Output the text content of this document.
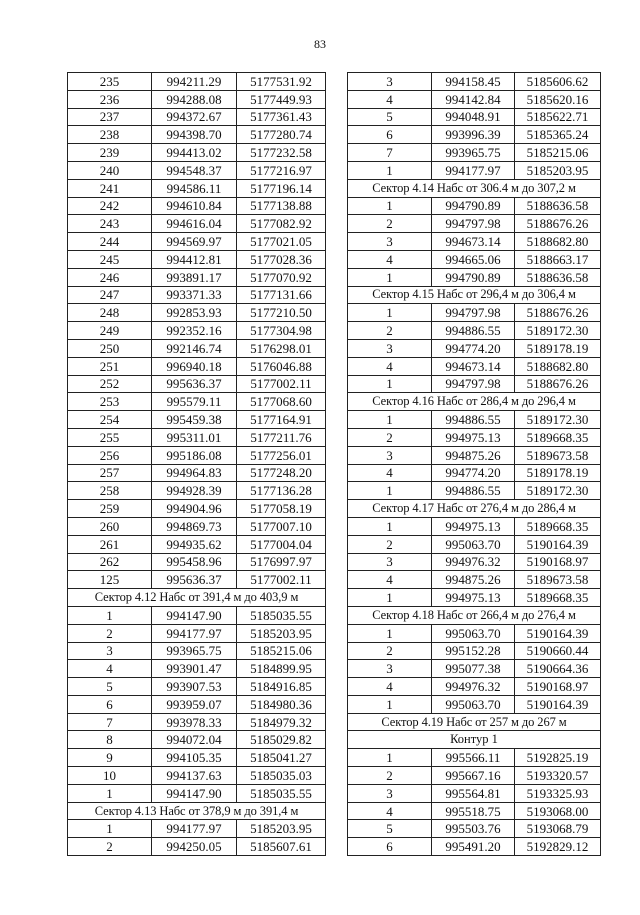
83
235	994211.29	5177531.92
236	994288.08	5177449.93
237	994372.67	5177361.43
238	994398.70	5177280.74
239	994413.02	5177232.58
240	994548.37	5177216.97
241	994586.11	5177196.14
242	994610.84	5177138.88
243	994616.04	5177082.92
244	994569.97	5177021.05
245	994412.81	5177028.36
246	993891.17	5177070.92
247	993371.33	5177131.66
248	992853.93	5177210.50
249	992352.16	5177304.98
250	992146.74	5176298.01
251	996940.18	5176046.88
252	995636.37	5177002.11
253	995579.11	5177068.60
254	995459.38	5177164.91
255	995311.01	5177211.76
256	995186.08	5177256.01
257	994964.83	5177248.20
258	994928.39	5177136.28
259	994904.96	5177058.19
260	994869.73	5177007.10
261	994935.62	5177004.04
262	995458.96	5176997.97
125	995636.37	5177002.11
Сектор 4.12 Набс от 391,4 м до 403,9 м		
1	994147.90	5185035.55
2	994177.97	5185203.95
3	993965.75	5185215.06
4	993901.47	5184899.95
5	993907.53	5184916.85
6	993959.07	5184980.36
7	993978.33	5184979.32
8	994072.04	5185029.82
9	994105.35	5185041.27
10	994137.63	5185035.03
1	994147.90	5185035.55
Сектор 4.13 Набс от 378,9 м до 391,4 м		
1	994177.97	5185203.95
2	994250.05	5185607.61
3	994158.45	5185606.62
4	994142.84	5185620.16
5	994048.91	5185622.71
6	993996.39	5185365.24
7	993965.75	5185215.06
1	994177.97	5185203.95
Сектор 4.14 Набс от 306.4 м до 307,2 м		
1	994790.89	5188636.58
2	994797.98	5188676.26
3	994673.14	5188682.80
4	994665.06	5188663.17
1	994790.89	5188636.58
Сектор 4.15 Набс от 296,4 м до 306,4 м		
1	994797.98	5188676.26
2	994886.55	5189172.30
3	994774.20	5189178.19
4	994673.14	5188682.80
1	994797.98	5188676.26
Сектор 4.16 Набс от 286,4 м до 296,4 м		
1	994886.55	5189172.30
2	994975.13	5189668.35
3	994875.26	5189673.58
4	994774.20	5189178.19
1	994886.55	5189172.30
Сектор 4.17 Набс от 276,4 м до 286,4 м		
1	994975.13	5189668.35
2	995063.70	5190164.39
3	994976.32	5190168.97
4	994875.26	5189673.58
1	994975.13	5189668.35
Сектор 4.18 Набс от 266,4 м до 276,4 м		
1	995063.70	5190164.39
2	995152.28	5190660.44
3	995077.38	5190664.36
4	994976.32	5190168.97
1	995063.70	5190164.39
Сектор 4.19 Набс от 257 м до 267 м		
Контур 1		
1	995566.11	5192825.19
2	995667.16	5193320.57
3	995564.81	5193325.93
4	995518.75	5193068.00
5	995503.76	5193068.79
6	995491.20	5192829.12
